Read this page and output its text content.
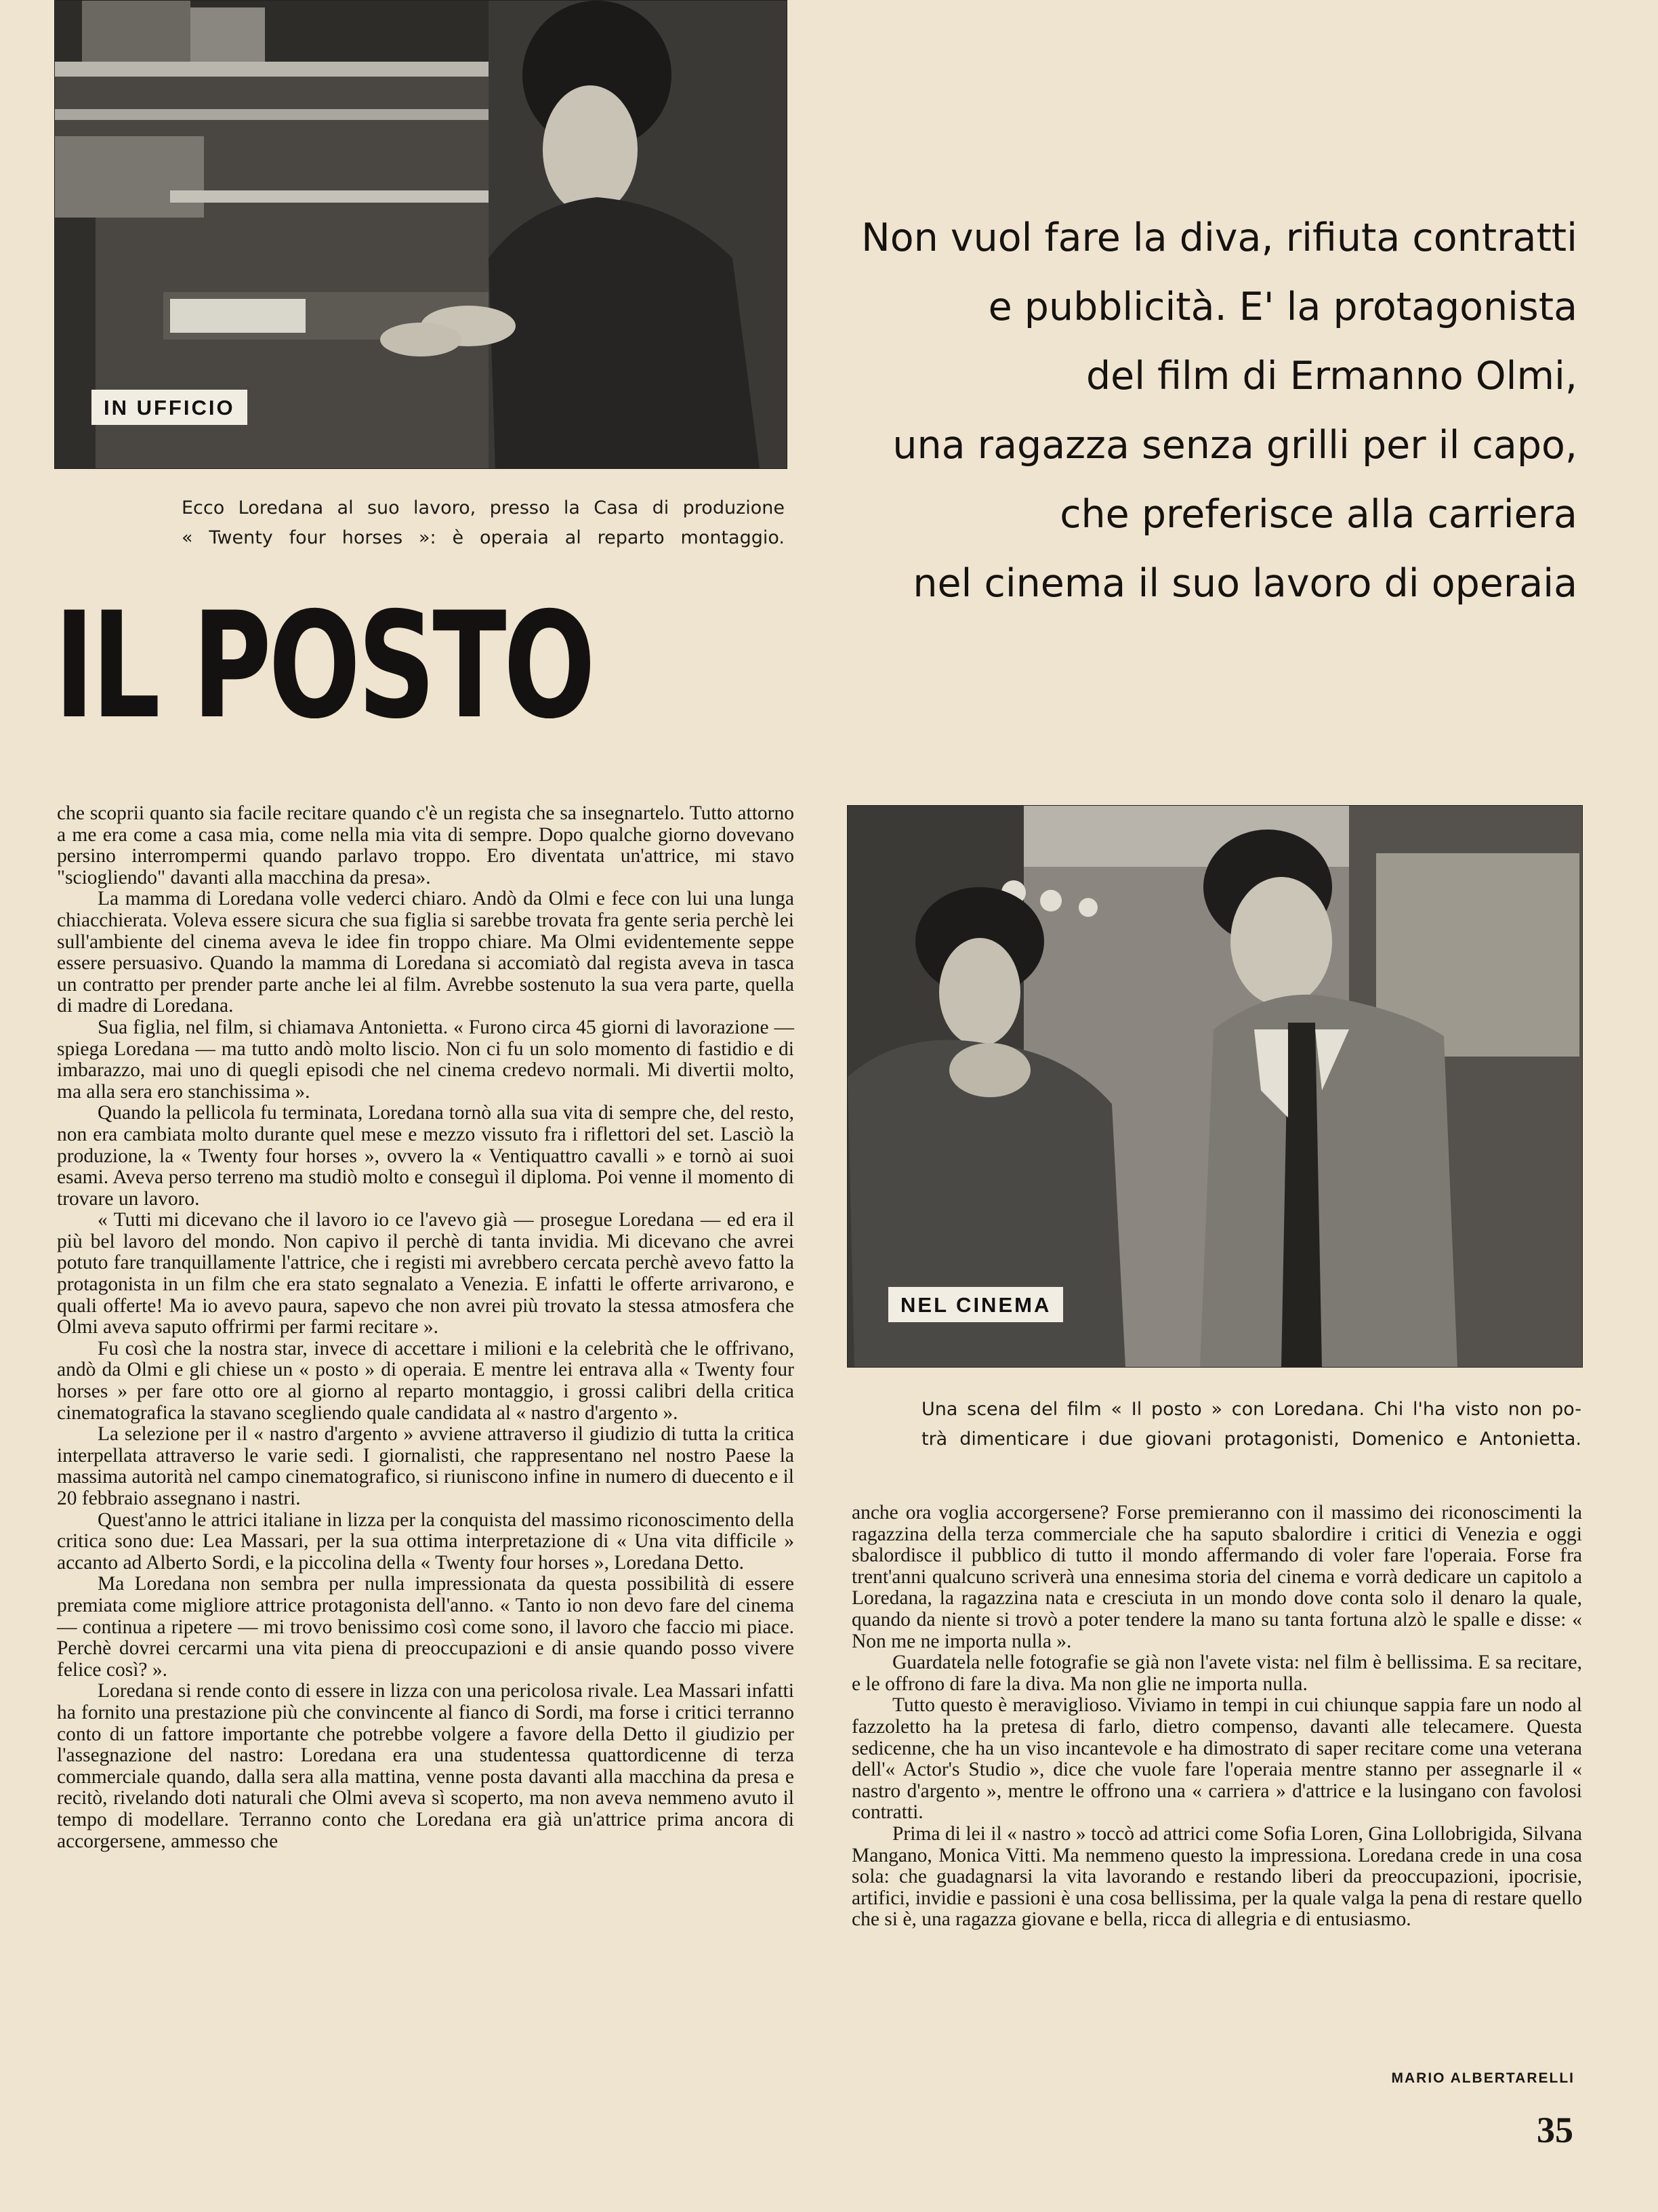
IN UFFICIO
Ecco Loredana al suo lavoro, presso la Casa di produzione
« Twenty four horses »: è operaia al reparto montaggio.
Non vuol fare la diva, rifiuta contratti
e pubblicità. E' la protagonista
del film di Ermanno Olmi,
una ragazza senza grilli per il capo,
che preferisce alla carriera
nel cinema il suo lavoro di operaia
IL POSTO

che scoprii quanto sia facile recitare quando c'è un regista che sa insegnartelo. Tutto attorno a me era come a casa mia, come nella mia vita di sempre. Dopo qualche giorno dovevano persino interrompermi quando parlavo troppo. Ero diventata un'attrice, mi stavo "sciogliendo" davanti alla macchina da presa».

La mamma di Loredana volle vederci chiaro. Andò da Olmi e fece con lui una lunga chiacchierata. Voleva essere sicura che sua figlia si sarebbe trovata fra gente seria perchè lei sull'ambiente del cinema aveva le idee fin troppo chiare. Ma Olmi evidentemente seppe essere persuasivo. Quando la mamma di Loredana si accomiatò dal regista aveva in tasca un contratto per prender parte anche lei al film. Avrebbe sostenuto la sua vera parte, quella di madre di Loredana.

Sua figlia, nel film, si chiamava Antonietta. « Furono circa 45 giorni di lavorazione — spiega Loredana — ma tutto andò molto liscio. Non ci fu un solo momento di fastidio e di imbarazzo, mai uno di quegli episodi che nel cinema credevo normali. Mi divertii molto, ma alla sera ero stanchissima ».

Quando la pellicola fu terminata, Loredana tornò alla sua vita di sempre che, del resto, non era cambiata molto durante quel mese e mezzo vissuto fra i riflettori del set. Lasciò la produzione, la « Twenty four horses », ovvero la « Ventiquattro cavalli » e tornò ai suoi esami. Aveva perso terreno ma studiò molto e conseguì il diploma. Poi venne il momento di trovare un lavoro.

« Tutti mi dicevano che il lavoro io ce l'avevo già — prosegue Loredana — ed era il più bel lavoro del mondo. Non capivo il perchè di tanta invidia. Mi dicevano che avrei potuto fare tranquillamente l'attrice, che i registi mi avrebbero cercata perchè avevo fatto la protagonista in un film che era stato segnalato a Venezia. E infatti le offerte arrivarono, e quali offerte! Ma io avevo paura, sapevo che non avrei più trovato la stessa atmosfera che Olmi aveva saputo offrirmi per farmi recitare ».

Fu così che la nostra star, invece di accettare i milioni e la celebrità che le offrivano, andò da Olmi e gli chiese un « posto » di operaia. E mentre lei entrava alla « Twenty four horses » per fare otto ore al giorno al reparto montaggio, i grossi calibri della critica cinematografica la stavano scegliendo quale candidata al « nastro d'argento ».

La selezione per il « nastro d'argento » avviene attraverso il giudizio di tutta la critica interpellata attraverso le varie sedi. I giornalisti, che rappresentano nel nostro Paese la massima autorità nel campo cinematografico, si riuniscono infine in numero di duecento e il 20 febbraio assegnano i nastri.

Quest'anno le attrici italiane in lizza per la conquista del massimo riconoscimento della critica sono due: Lea Massari, per la sua ottima interpretazione di « Una vita difficile » accanto ad Alberto Sordi, e la piccolina della « Twenty four horses », Loredana Detto.

Ma Loredana non sembra per nulla impressionata da questa possibilità di essere premiata come migliore attrice protagonista dell'anno. « Tanto io non devo fare del cinema — continua a ripetere — mi trovo benissimo così come sono, il lavoro che faccio mi piace. Perchè dovrei cercarmi una vita piena di preoccupazioni e di ansie quando posso vivere felice così? ».

Loredana si rende conto di essere in lizza con una pericolosa rivale. Lea Massari infatti ha fornito una prestazione più che convincente al fianco di Sordi, ma forse i critici terranno conto di un fattore importante che potrebbe volgere a favore della Detto il giudizio per l'assegnazione del nastro: Loredana era una studentessa quattordicenne di terza commerciale quando, dalla sera alla mattina, venne posta davanti alla macchina da presa e recitò, rivelando doti naturali che Olmi aveva sì scoperto, ma non aveva nemmeno avuto il tempo di modellare. Terranno conto che Loredana era già un'attrice prima ancora di accorgersene, ammesso che

NEL CINEMA
Una scena del film « Il posto » con Loredana. Chi l'ha visto non po-
trà dimenticare i due giovani protagonisti, Domenico e Antonietta.

anche ora voglia accorgersene? Forse premieranno con il massimo dei riconoscimenti la ragazzina della terza commerciale che ha saputo sbalordire i critici di Venezia e oggi sbalordisce il pubblico di tutto il mondo affermando di voler fare l'operaia. Forse fra trent'anni qualcuno scriverà una ennesima storia del cinema e vorrà dedicare un capitolo a Loredana, la ragazzina nata e cresciuta in un mondo dove conta solo il denaro la quale, quando da niente si trovò a poter tendere la mano su tanta fortuna alzò le spalle e disse: « Non me ne importa nulla ».

Guardatela nelle fotografie se già non l'avete vista: nel film è bellissima. E sa recitare, e le offrono di fare la diva. Ma non glie ne importa nulla.

Tutto questo è meraviglioso. Viviamo in tempi in cui chiunque sappia fare un nodo al fazzoletto ha la pretesa di farlo, dietro compenso, davanti alle telecamere. Questa sedicenne, che ha un viso incantevole e ha dimostrato di saper recitare come una veterana dell'« Actor's Studio », dice che vuole fare l'operaia mentre stanno per assegnarle il « nastro d'argento », mentre le offrono una « carriera » d'attrice e la lusingano con favolosi contratti.

Prima di lei il « nastro » toccò ad attrici come Sofia Loren, Gina Lollobrigida, Silvana Mangano, Monica Vitti. Ma nemmeno questo la impressiona. Loredana crede in una cosa sola: che guadagnarsi la vita lavorando e restando liberi da preoccupazioni, ipocrisie, artifici, invidie e passioni è una cosa bellissima, per la quale valga la pena di restare quello che si è, una ragazza giovane e bella, ricca di allegria e di entusiasmo.

MARIO ALBERTARELLI
35
